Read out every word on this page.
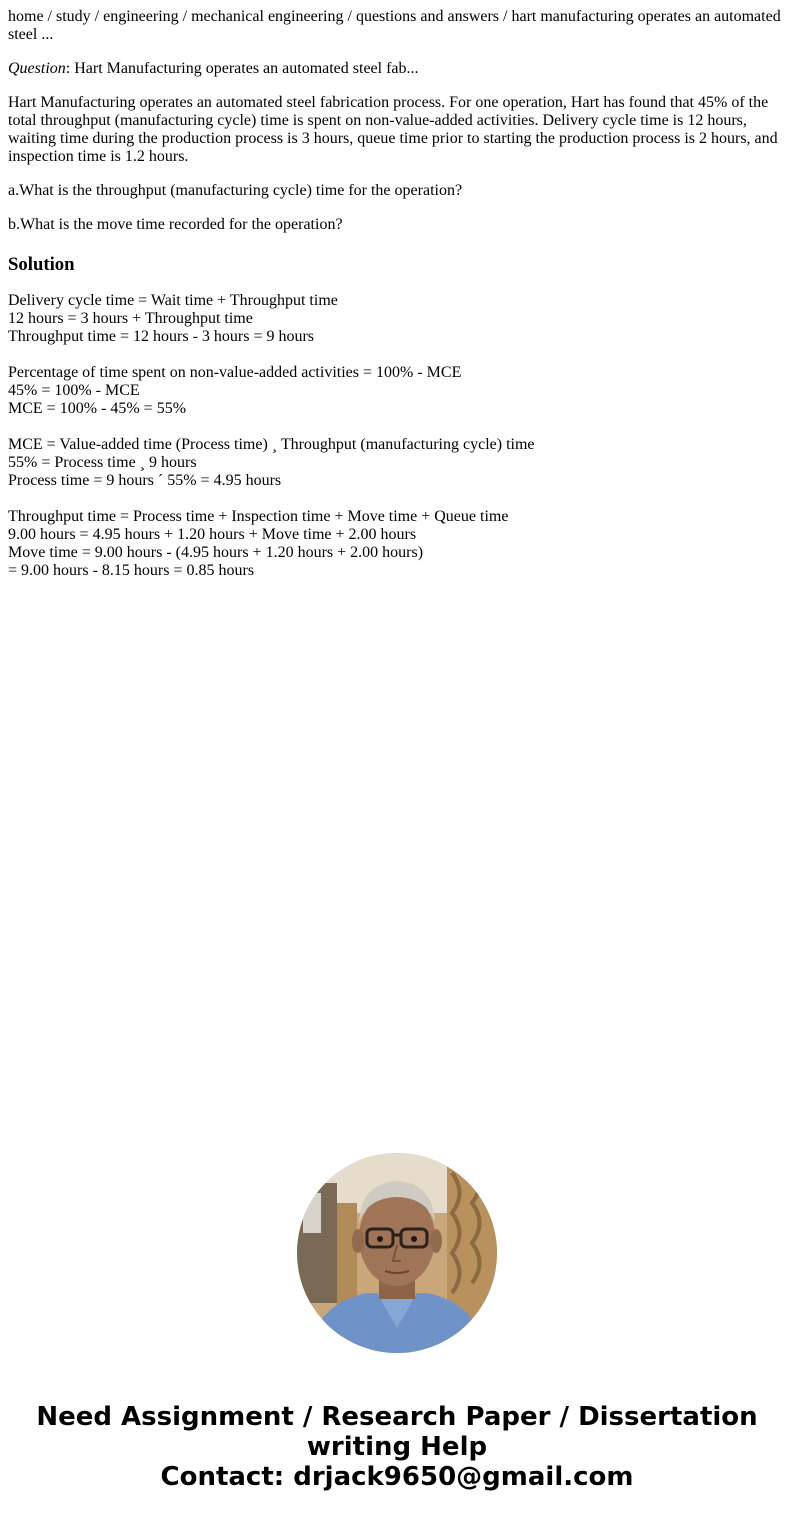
home / study / engineering / mechanical engineering / questions and answers / hart manufacturing operates an automated steel ...

Question: Hart Manufacturing operates an automated steel fab...

Hart Manufacturing operates an automated steel fabrication process. For one operation, Hart has found that 45% of the total throughput (manufacturing cycle) time is spent on non-value-added activities. Delivery cycle time is 12 hours, waiting time during the production process is 3 hours, queue time prior to starting the production process is 2 hours, and inspection time is 1.2 hours.

a.What is the throughput (manufacturing cycle) time for the operation?

b.What is the move time recorded for the operation?

Solution
Delivery cycle time = Wait time + Throughput time
12 hours = 3 hours + Throughput time
Throughput time = 12 hours - 3 hours = 9 hours
Percentage of time spent on non-value-added activities = 100% - MCE
45% = 100% - MCE
MCE = 100% - 45% = 55%
MCE = Value-added time (Process time) ¸ Throughput (manufacturing cycle) time
55% = Process time ¸ 9 hours
Process time = 9 hours ´ 55% = 4.95 hours
Throughput time = Process time + Inspection time + Move time + Queue time
9.00 hours = 4.95 hours + 1.20 hours + Move time + 2.00 hours
Move time = 9.00 hours - (4.95 hours + 1.20 hours + 2.00 hours)
= 9.00 hours - 8.15 hours = 0.85 hours
Need Assignment / Research Paper / Dissertation
writing Help
Contact: drjack9650@gmail.com
